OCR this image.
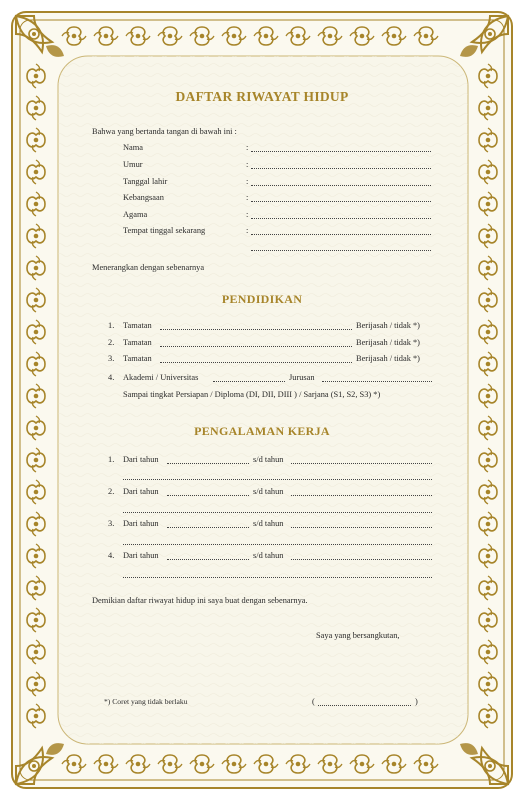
DAFTAR RIWAYAT HIDUP
Bahwa yang bertanda tangan di bawah ini :
Nama	:
Umur	:
Tanggal lahir	:
Kebangsaan	:
Agama	:
Tempat tinggal sekarang	:
Menerangkan dengan sebenarnya
PENDIDIKAN
1. Tamatan	Berijasah / tidak *)
2. Tamatan	Berijasah / tidak *)
3. Tamatan	Berijasah / tidak *)
4. Akademi / Universitas	Jurusan
Sampai tingkat Persiapan / Diploma (DI, DII, DIII ) / Sarjana (S1, S2, S3) *)
PENGALAMAN KERJA
1. Dari tahun	s/d tahun
2. Dari tahun	s/d tahun
3. Dari tahun	s/d tahun
4. Dari tahun	s/d tahun
Demikian daftar riwayat hidup ini saya buat dengan sebenarnya.
Saya yang bersangkutan,
*) Coret yang tidak berlaku	(	)
